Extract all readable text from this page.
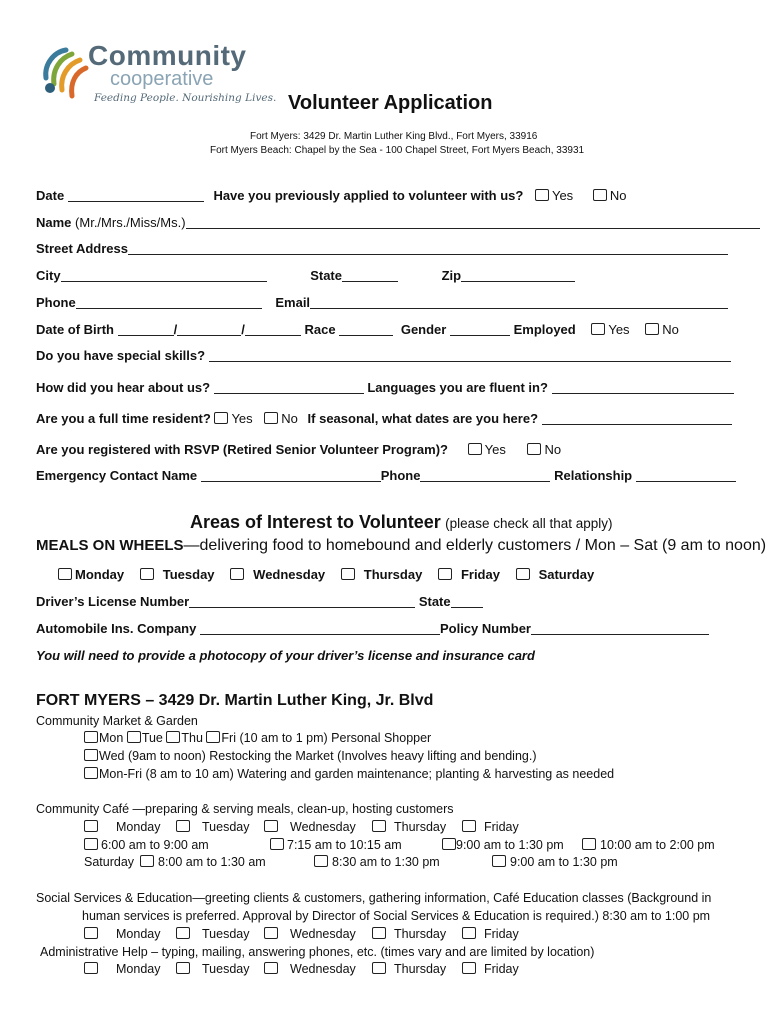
Community
cooperative
Feeding People. Nourishing Lives. Volunteer Application
Fort Myers: 3429 Dr. Martin Luther King Blvd., Fort Myers, 33916
Fort Myers Beach: Chapel by the Sea - 100 Chapel Street, Fort Myers Beach, 33931
Date	Have you previously applied to volunteer with us? Yes	No
Name (Mr./Mrs./Miss/Ms.)
Street Address
City	State	Zip
Phone	Email
Date of Birth	/	/	Race	Gender	Employed	Yes	No
Do you have special skills?
How did you hear about us?	Languages you are fluent in?
Are you a full time resident? Yes No If seasonal, what dates are you here?
Are you registered with RSVP (Retired Senior Volunteer Program)?	Yes	No
Emergency Contact Name	Phone	Relationship
Areas of Interest to Volunteer (please check all that apply)
MEALS ON WHEELS—delivering food to homebound and elderly customers / Mon – Sat (9 am to noon)
Monday	Tuesday	Wednesday	Thursday	Friday	Saturday
Driver’s License Number	State
Automobile Ins. Company	Policy Number
You will need to provide a photocopy of your driver’s license and insurance card
FORT MYERS – 3429 Dr. Martin Luther King, Jr. Blvd
Community Market & Garden
Mon Tue Thu Fri (10 am to 1 pm) Personal Shopper
Wed (9am to noon) Restocking the Market (Involves heavy lifting and bending.)
Mon-Fri (8 am to 10 am) Watering and garden maintenance; planting & harvesting as needed
Community Café —preparing & serving meals, clean-up, hosting customers
Monday	Tuesday	Wednesday	Thursday	Friday
6:00 am to 9:00 am	7:15 am to 10:15 am	9:00 am to 1:30 pm	10:00 am to 2:00 pm
Saturday 8:00 am to 1:30 am	8:30 am to 1:30 pm	9:00 am to 1:30 pm
Social Services & Education—greeting clients & customers, gathering information, Café Education classes (Background in
human services is preferred. Approval by Director of Social Services & Education is required.) 8:30 am to 1:00 pm
Monday	Tuesday	Wednesday	Thursday	Friday
Administrative Help – typing, mailing, answering phones, etc. (times vary and are limited by location)
Monday	Tuesday	Wednesday	Thursday	Friday
